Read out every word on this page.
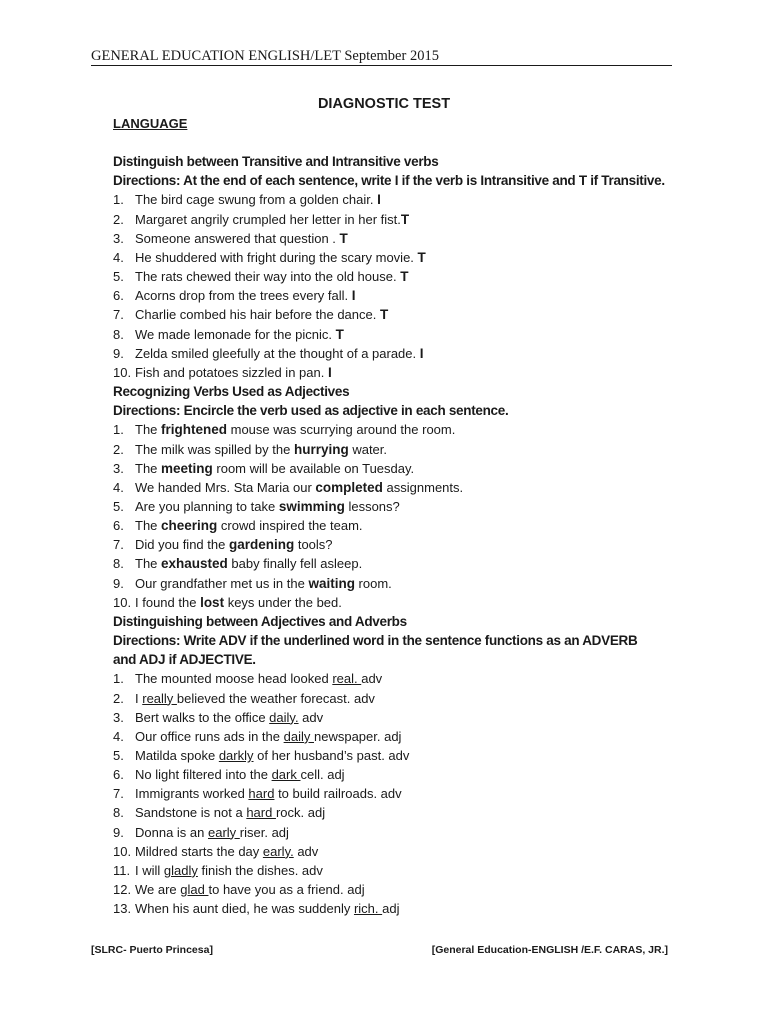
GENERAL EDUCATION ENGLISH/LET September 2015
DIAGNOSTIC TEST

LANGUAGE

Distinguish between Transitive and Intransitive verbs

Directions: At the end of each sentence, write I if the verb is Intransitive and T if Transitive.

1. The bird cage swung from a golden chair. I
2. Margaret angrily crumpled her letter in her fist.T
3. Someone answered that question . T
4. He shuddered with fright during the scary movie. T
5. The rats chewed their way into the old house. T
6. Acorns drop from the trees every fall. I
7. Charlie combed his hair before the dance. T
8. We made lemonade for the picnic. T
9. Zelda smiled gleefully at the thought of a parade. I
10. Fish and potatoes sizzled in pan. I

Recognizing Verbs Used as Adjectives

Directions: Encircle the verb used as adjective in each sentence.

1. The frightened mouse was scurrying around the room.
2. The milk was spilled by the hurrying water.
3. The meeting room will be available on Tuesday.
4. We handed Mrs. Sta Maria our completed assignments.
5. Are you planning to take swimming lessons?
6. The cheering crowd inspired the team.
7. Did you find the gardening tools?
8. The exhausted baby finally fell asleep.
9. Our grandfather met us in the waiting room.
10. I found the lost keys under the bed.

Distinguishing between Adjectives and Adverbs

Directions: Write ADV if the underlined word in the sentence functions as an ADVERB

and ADJ if ADJECTIVE.

1. The mounted moose head looked real. adv
2. I really believed the weather forecast. adv
3. Bert walks to the office daily. adv
4. Our office runs ads in the daily newspaper. adj
5. Matilda spoke darkly of her husband’s past. adv
6. No light filtered into the dark cell. adj
7. Immigrants worked hard to build railroads. adv
8. Sandstone is not a hard rock. adj
9. Donna is an early riser. adj
10. Mildred starts the day early. adv
11. I will gladly finish the dishes. adv
12. We are glad to have you as a friend. adj
13. When his aunt died, he was suddenly rich. adj
[SLRC- Puerto Princesa]	[General Education-ENGLISH /E.F. CARAS, JR.]
